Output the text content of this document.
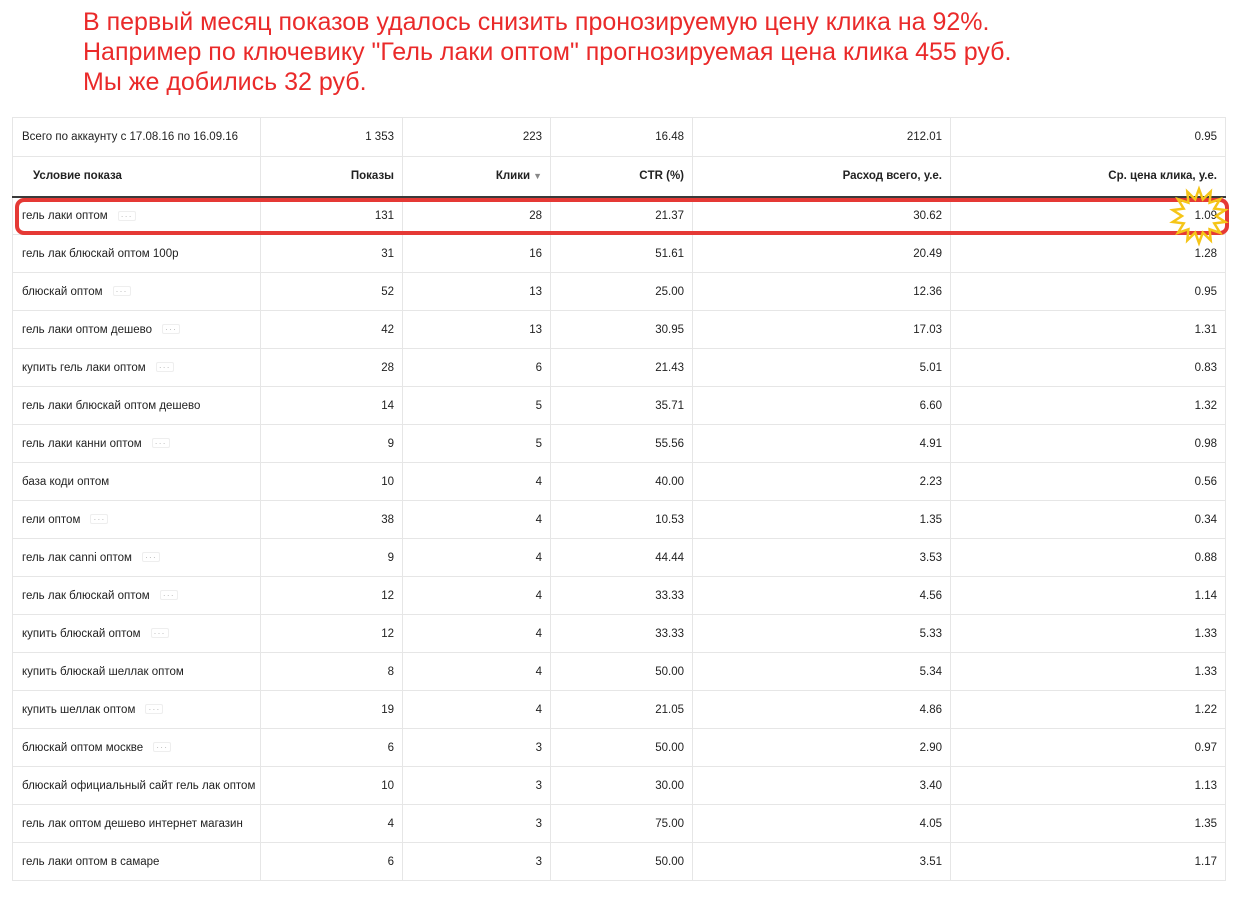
В первый месяц показов удалось снизить пронозируемую цену клика на 92%.
Например по ключевику "Гель лаки оптом" прогнозируемая цена клика 455 руб.
Мы же добились 32 руб.
Всего по аккаунту с 17.08.16 по 16.09.16	1 353	223	16.48	212.01	0.95
Условие показа	Показы	Клики ▼	CTR (%)	Расход всего, у.е.	Ср. цена клика, у.е.
гель лаки оптом ···	131	28	21.37	30.62	1.09
гель лак блюскай оптом 100р	31	16	51.61	20.49	1.28
блюскай оптом ···	52	13	25.00	12.36	0.95
гель лаки оптом дешево ···	42	13	30.95	17.03	1.31
купить гель лаки оптом ···	28	6	21.43	5.01	0.83
гель лаки блюскай оптом дешево	14	5	35.71	6.60	1.32
гель лаки канни оптом ···	9	5	55.56	4.91	0.98
база коди оптом	10	4	40.00	2.23	0.56
гели оптом ···	38	4	10.53	1.35	0.34
гель лак canni оптом ···	9	4	44.44	3.53	0.88
гель лак блюскай оптом ···	12	4	33.33	4.56	1.14
купить блюскай оптом ···	12	4	33.33	5.33	1.33
купить блюскай шеллак оптом	8	4	50.00	5.34	1.33
купить шеллак оптом ···	19	4	21.05	4.86	1.22
блюскай оптом москве ···	6	3	50.00	2.90	0.97
блюскай официальный сайт гель лак оптом	10	3	30.00	3.40	1.13
гель лак оптом дешево интернет магазин	4	3	75.00	4.05	1.35
гель лаки оптом в самаре	6	3	50.00	3.51	1.17
